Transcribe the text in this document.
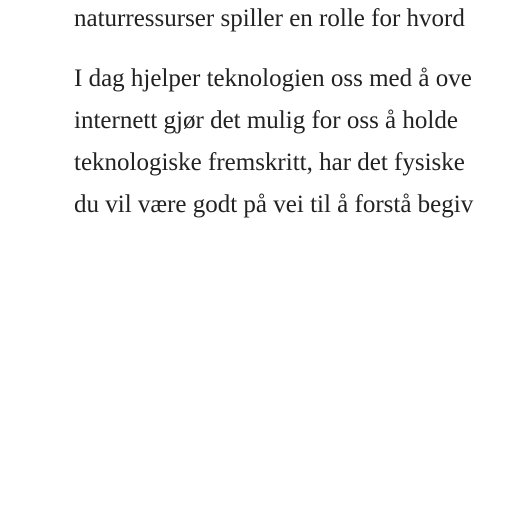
naturressurser spiller en rolle for hvord
I dag hjelper teknologien oss med å ove
internett gjør det mulig for oss å holde
teknologiske fremskritt, har det fysiske
du vil være godt på vei til å forstå begiv
